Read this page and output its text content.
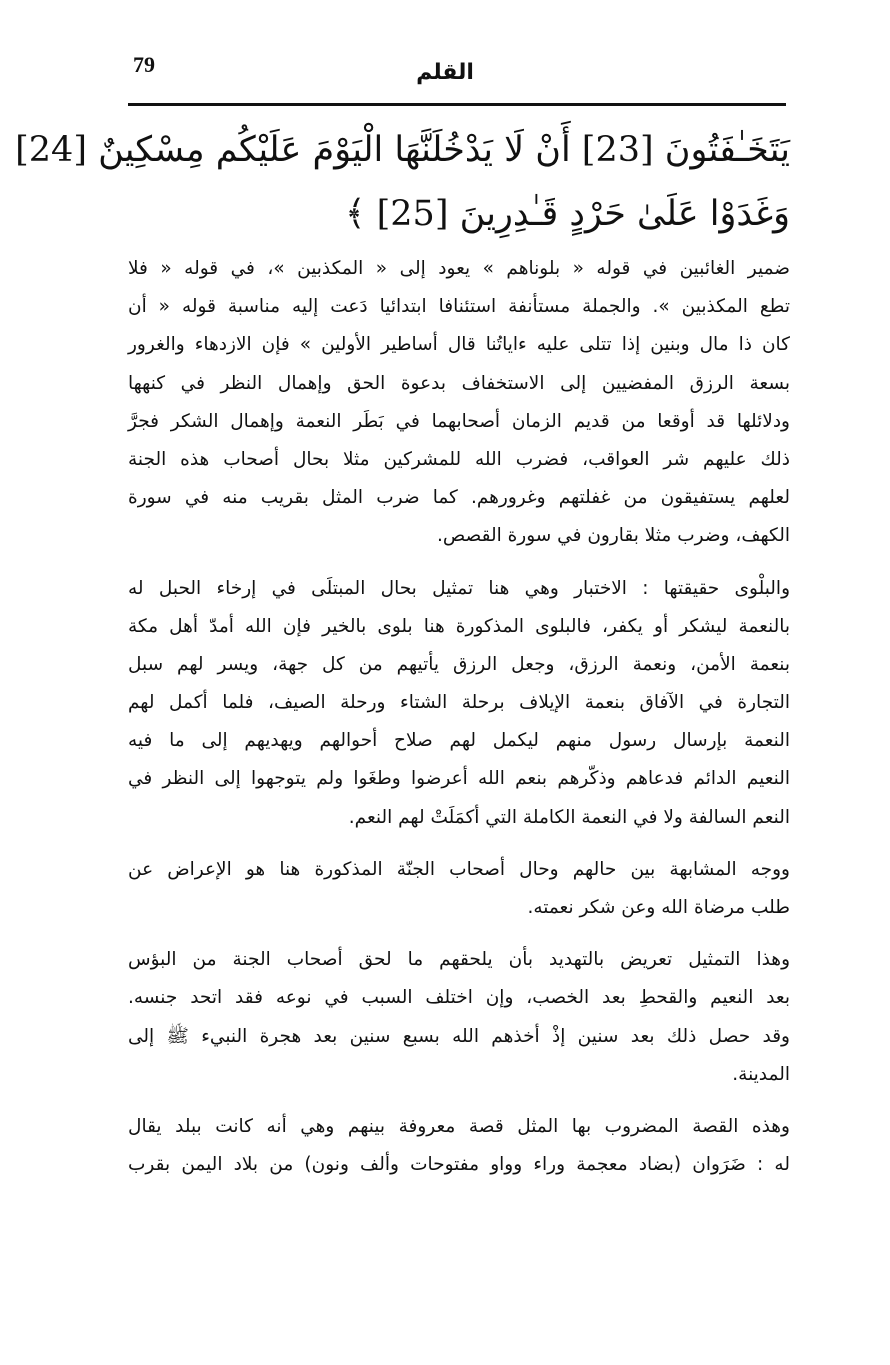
79	القلم
يَتَخَـٰفَتُونَ [23] أَنْ لَا يَدْخُلَنَّهَا الْيَوْمَ عَلَيْكُم مِسْكِينٌ [24]
وَغَدَوْا عَلَىٰ حَرْدٍ قَـٰدِرِينَ [25] ﴾
ضمير الغائبين في قوله « بلوناهم » يعود إلى « المكذبين »، في قوله « فلا
تطع المكذبين ». والجملة مستأنفة استئنافا ابتدائيا دَعت إليه مناسبة قوله « أن
كان ذا مال وبنين إذا تتلى عليه ءاياتُنا قال أساطير الأولين » فإن الازدهاء والغرور
بسعة الرزق المفضيين إلى الاستخفاف بدعوة الحق وإهمال النظر في كنهها
ودلائلها قد أوقعا من قديم الزمان أصحابهما في بَطَر النعمة وإهمال الشكر فجرَّ
ذلك عليهم شر العواقب، فضرب الله للمشركين مثلا بحال أصحاب هذه الجنة
لعلهم يستفيقون من غفلتهم وغرورهم. كما ضرب المثل بقريب منه في سورة
الكهف، وضرب مثلا بقارون في سورة القصص.
والبلْوى حقيقتها : الاختبار وهي هنا تمثيل بحال المبتلَى في إرخاء الحبل له
بالنعمة ليشكر أو يكفر، فالبلوى المذكورة هنا بلوى بالخير فإن الله أمدّ أهل مكة
بنعمة الأمن، ونعمة الرزق، وجعل الرزق يأتيهم من كل جهة، ويسر لهم سبل
التجارة في الآفاق بنعمة الإيلاف برحلة الشتاء ورحلة الصيف، فلما أكمل لهم
النعمة بإرسال رسول منهم ليكمل لهم صلاح أحوالهم ويهديهم إلى ما فيه
النعيم الدائم فدعاهم وذكّرهم بنعم الله أعرضوا وطغَوا ولم يتوجهوا إلى النظر في
النعم السالفة ولا في النعمة الكاملة التي أكمَلَتْ لهم النعم.
ووجه المشابهة بين حالهم وحال أصحاب الجنّة المذكورة هنا هو الإعراض عن
طلب مرضاة الله وعن شكر نعمته.
وهذا التمثيل تعريض بالتهديد بأن يلحقهم ما لحق أصحاب الجنة من البؤس
بعد النعيم والقحطِ بعد الخصب، وإن اختلف السبب في نوعه فقد اتحد جنسه.
وقد حصل ذلك بعد سنين إذْ أخذهم الله بسبع سنين بعد هجرة النبيء ﷺ إلى
المدينة.
وهذه القصة المضروب بها المثل قصة معروفة بينهم وهي أنه كانت ببلد يقال
له : ضَرَوان (بضاد معجمة وراء وواو مفتوحات وألف ونون) من بلاد اليمن بقرب
